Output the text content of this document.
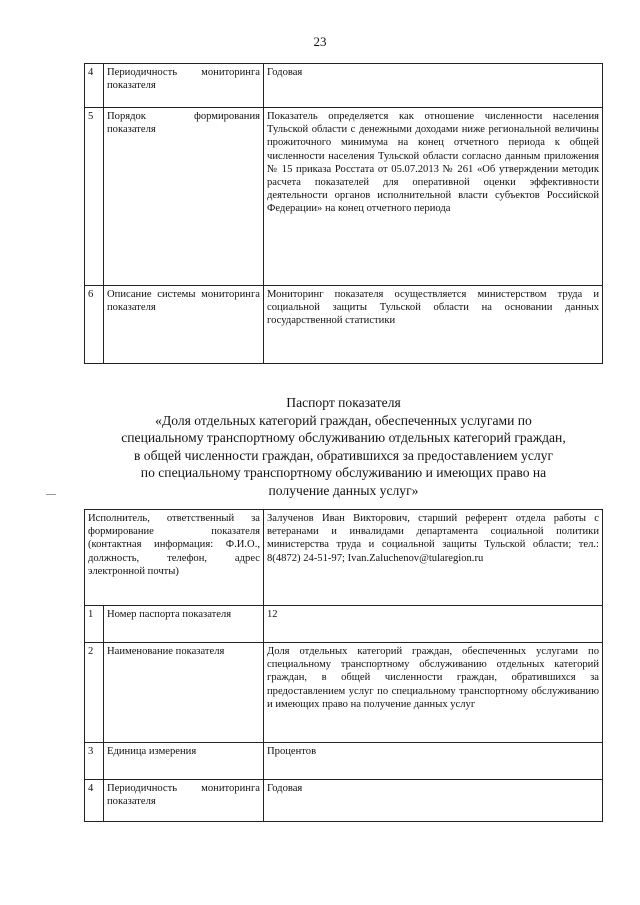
23
4	Периодичность мониторинга показателя	Годовая
5	Порядок формирования показателя	Показатель определяется как отношение численности населения Тульской области с денежными доходами ниже региональной величины прожиточного минимума на конец отчетного периода к общей численности населения Тульской области согласно данным приложения № 15 приказа Росстата от 05.07.2013 № 261 «Об утверждении методик расчета показателей для оперативной оценки эффективности деятельности органов исполнительной власти субъектов Российской Федерации» на конец отчетного периода
6	Описание системы мониторинга показателя	Мониторинг показателя осуществляется министерством труда и социальной защиты Тульской области на основании данных государственной статистики
Паспорт показателя
«Доля отдельных категорий граждан, обеспеченных услугами по
специальному транспортному обслуживанию отдельных категорий граждан,
в общей численности граждан, обратившихся за предоставлением услуг
по специальному транспортному обслуживанию и имеющих право на
получение данных услуг»
Исполнитель, ответственный за формирование показателя (контактная информация: Ф.И.О., должность, телефон, адрес электронной почты)		Залученов Иван Викторович, старший референт отдела работы с ветеранами и инвалидами департамента социальной политики министерства труда и социальной защиты Тульской области; тел.: 8(4872) 24-51-97; Ivan.Zaluchenov@tularegion.ru
1	Номер паспорта показателя	12
2	Наименование показателя	Доля отдельных категорий граждан, обеспеченных услугами по специальному транспортному обслуживанию отдельных категорий граждан, в общей численности граждан, обратившихся за предоставлением услуг по специальному транспортному обслуживанию и имеющих право на получение данных услуг
3	Единица измерения	Процентов
4	Периодичность мониторинга показателя	Годовая
